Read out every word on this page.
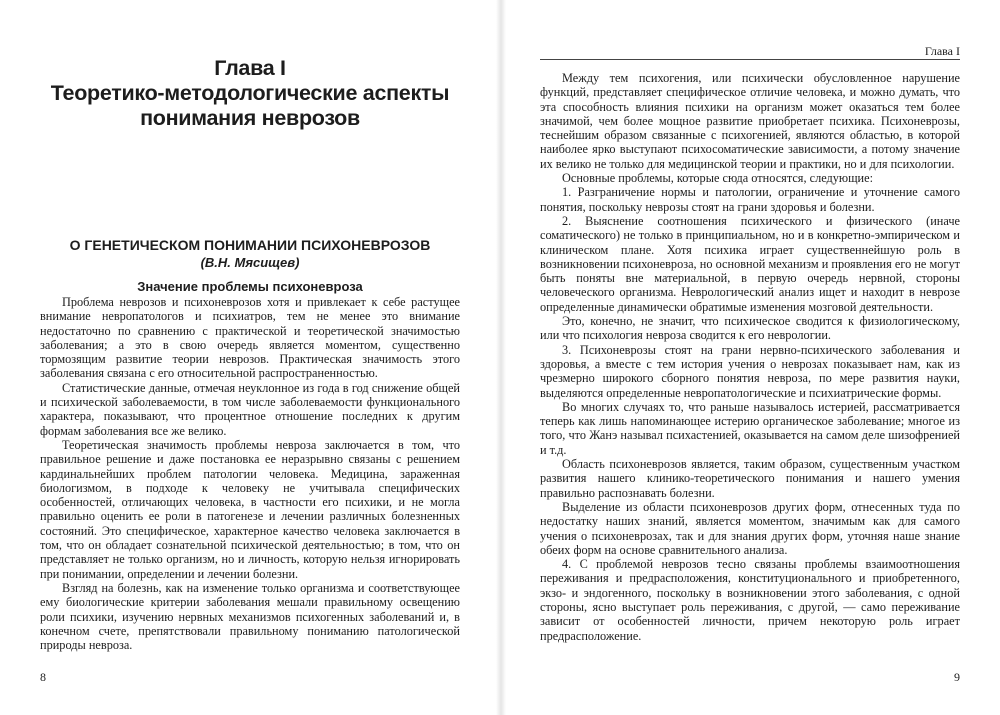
Глава I
Теоретико-методологические аспекты
понимания неврозов
О ГЕНЕТИЧЕСКОМ ПОНИМАНИИ ПСИХОНЕВРОЗОВ
(В.Н. Мясищев)
Значение проблемы психоневроза

Проблема неврозов и психоневрозов хотя и привлекает к себе растущее внимание невропатологов и психиатров, тем не менее это внимание недостаточно по сравнению с практической и теоретической значимостью заболевания; а это в свою очередь является моментом, существенно тормозящим развитие теории неврозов. Практическая значимость этого заболевания связана с его относительной распространенностью.

Статистические данные, отмечая неуклонное из года в год снижение общей и психической заболеваемости, в том числе заболеваемости функционального характера, показывают, что процентное отношение последних к другим формам заболевания все же велико.

Теоретическая значимость проблемы невроза заключается в том, что правильное решение и даже постановка ее неразрывно связаны с решением кардинальнейших проблем патологии человека. Медицина, зараженная биологизмом, в подходе к человеку не учитывала специфических особенностей, отличающих человека, в частности его психики, и не могла правильно оценить ее роли в патогенезе и лечении различных болезненных состояний. Это специфическое, характерное качество человека заключается в том, что он обладает сознательной психической деятельностью; в том, что он представляет не только организм, но и личность, которую нельзя игнорировать при понимании, определении и лечении болезни.

Взгляд на болезнь, как на изменение только организма и соответствующее ему биологические критерии заболевания мешали правильному освещению роли психики, изучению нервных механизмов психогенных заболеваний и, в конечном счете, препятствовали правильному пониманию патологической природы невроза.

8
Глава I

Между тем психогения, или психически обусловленное нарушение функций, представляет специфическое отличие человека, и можно думать, что эта способность влияния психики на организм может оказаться тем более значимой, чем более мощное развитие приобретает психика. Психоневрозы, теснейшим образом связанные с психогенией, являются областью, в которой наиболее ярко выступают психосоматические зависимости, а потому значение их велико не только для медицинской теории и практики, но и для психологии.

Основные проблемы, которые сюда относятся, следующие:

1. Разграничение нормы и патологии, ограничение и уточнение самого понятия, поскольку неврозы стоят на грани здоровья и болезни.

2. Выяснение соотношения психического и физического (иначе соматического) не только в принципиальном, но и в конкретно-эмпирическом и клиническом плане. Хотя психика играет существеннейшую роль в возникновении психоневроза, но основной механизм и проявления его не могут быть поняты вне материальной, в первую очередь нервной, стороны человеческого организма. Неврологический анализ ищет и находит в неврозе определенные динамически обратимые изменения мозговой деятельности.

Это, конечно, не значит, что психическое сводится к физиологическому, или что психология невроза сводится к его неврологии.

3. Психоневрозы стоят на грани нервно-психического заболевания и здоровья, а вместе с тем история учения о неврозах показывает нам, как из чрезмерно широкого сборного понятия невроза, по мере развития науки, выделяются определенные невропатологические и психиатрические формы.

Во многих случаях то, что раньше называлось истерией, рассматривается теперь как лишь напоминающее истерию органическое заболевание; многое из того, что Жанэ называл психастенией, оказывается на самом деле шизофренией и т.д.

Область психоневрозов является, таким образом, существенным участком развития нашего клинико-теоретического понимания и нашего умения правильно распознавать болезни.

Выделение из области психоневрозов других форм, отнесенных туда по недостатку наших знаний, является моментом, значимым как для самого учения о психоневрозах, так и для знания других форм, уточняя наше знание обеих форм на основе сравнительного анализа.

4. С проблемой неврозов тесно связаны проблемы взаимоотношения переживания и предрасположения, конституционального и приобретенного, экзо- и эндогенного, поскольку в возникновении этого заболевания, с одной стороны, ясно выступает роль переживания, с другой, — само переживание зависит от особенностей личности, причем некоторую роль играет предрасположение.

9
